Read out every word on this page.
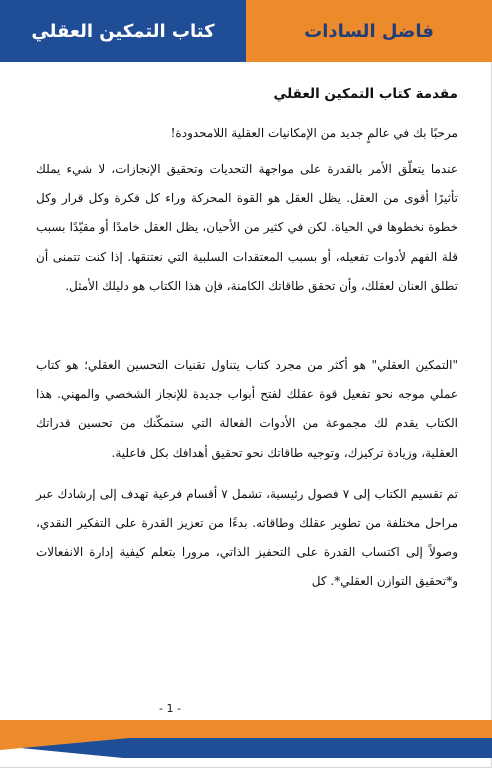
كتاب التمكين العقلي	فاضل السادات
مقدمة كتاب التمكين العقلي

مرحبًا بك في عالمٍ جديد من الإمكانيات العقلية اللامحدودة!

عندما يتعلّق الأمر بالقدرة على مواجهة التحديات وتحقيق الإنجازات، لا شيء يملك تأثيرًا أقوى من العقل. يظل العقل هو القوة المحركة وراء كل فكرة وكل قرار وكل خطوة نخطوها في الحياة. لكن في كثير من الأحيان، يظل العقل خامدًا أو مقيّدًا بسبب قلة الفهم لأدوات تفعيله، أو بسبب المعتقدات السلبية التي نعتنقها. إذا كنت تتمنى أن تطلق العنان لعقلك، وأن تحقق طاقاتك الكامنة، فإن هذا الكتاب هو دليلك الأمثل.

"التمكين العقلي" هو أكثر من مجرد كتاب يتناول تقنيات التحسين العقلي؛ هو كتاب عملي موجه نحو تفعيل قوة عقلك لفتح أبواب جديدة للإنجاز الشخصي والمهني. هذا الكتاب يقدم لك مجموعة من الأدوات الفعالة التي ستمكّنك من تحسين قدراتك العقلية، وزيادة تركيزك، وتوجيه طاقاتك نحو تحقيق أهدافك بكل فاعلية.

تم تقسيم الكتاب إلى ٧ فصول رئيسية، تشمل ٧ أقسام فرعية تهدف إلى إرشادك عبر مراحل مختلفة من تطوير عقلك وطاقاته. بدءًا من تعزيز القدرة على التفكير النقدي، وصولاً إلى اكتساب القدرة على التحفيز الذاتي، مرورا بتعلم كيفية إدارة الانفعالات و*تحقيق التوازن العقلي*. كل

- 1 -
